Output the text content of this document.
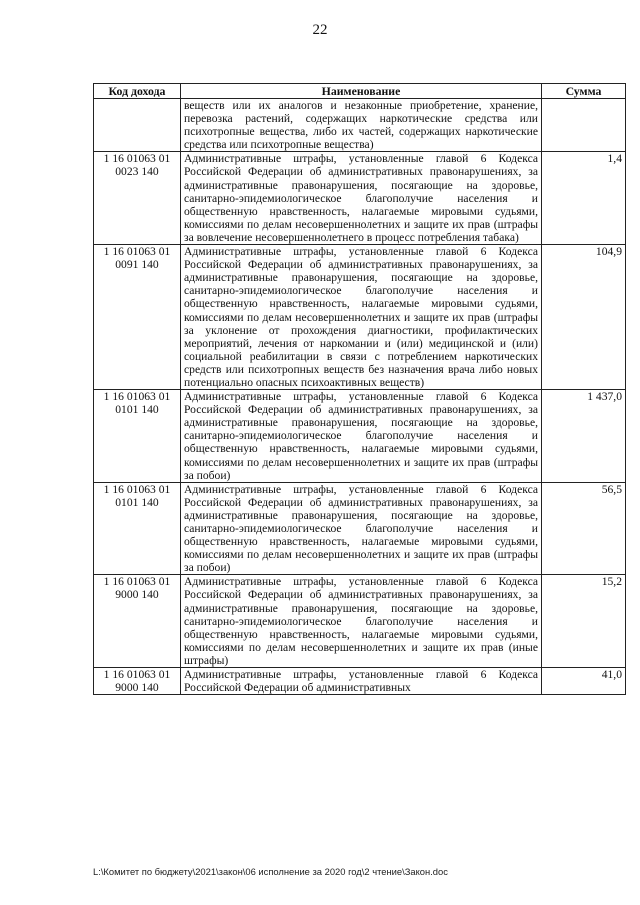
22
Код дохода	Наименование	Сумма
	веществ или их аналогов и незаконные приобретение, хранение, перевозка растений, содержащих наркотические средства или психотропные вещества, либо их частей, содержащих наркотические средства или психотропные вещества)	
1 16 01063 01 0023 140	Административные штрафы, установленные главой 6 Кодекса Российской Федерации об административных правонарушениях, за административные правонарушения, посягающие на здоровье, санитарно-эпидемиологическое благополучие населения и общественную нравственность, налагаемые мировыми судьями, комиссиями по делам несовершеннолетних и защите их прав (штрафы за вовлечение несовершеннолетнего в процесс потребления табака)	1,4
1 16 01063 01 0091 140	Административные штрафы, установленные главой 6 Кодекса Российской Федерации об административных правонарушениях, за административные правонарушения, посягающие на здоровье, санитарно-эпидемиологическое благополучие населения и общественную нравственность, налагаемые мировыми судьями, комиссиями по делам несовершеннолетних и защите их прав (штрафы за уклонение от прохождения диагностики, профилактических мероприятий, лечения от наркомании и (или) медицинской и (или) социальной реабилитации в связи с потреблением наркотических средств или психотропных веществ без назначения врача либо новых потенциально опасных психоактивных веществ)	104,9
1 16 01063 01 0101 140	Административные штрафы, установленные главой 6 Кодекса Российской Федерации об административных правонарушениях, за административные правонарушения, посягающие на здоровье, санитарно-эпидемиологическое благополучие населения и общественную нравственность, налагаемые мировыми судьями, комиссиями по делам несовершеннолетних и защите их прав (штрафы за побои)	1 437,0
1 16 01063 01 0101 140	Административные штрафы, установленные главой 6 Кодекса Российской Федерации об административных правонарушениях, за административные правонарушения, посягающие на здоровье, санитарно-эпидемиологическое благополучие населения и общественную нравственность, налагаемые мировыми судьями, комиссиями по делам несовершеннолетних и защите их прав (штрафы за побои)	56,5
1 16 01063 01 9000 140	Административные штрафы, установленные главой 6 Кодекса Российской Федерации об административных правонарушениях, за административные правонарушения, посягающие на здоровье, санитарно-эпидемиологическое благополучие населения и общественную нравственность, налагаемые мировыми судьями, комиссиями по делам несовершеннолетних и защите их прав (иные штрафы)	15,2
1 16 01063 01 9000 140	Административные штрафы, установленные главой 6 Кодекса Российской Федерации об административных	41,0
L:\Комитет по бюджету\2021\закон\06 исполнение за 2020 год\2 чтение\Закон.doc
